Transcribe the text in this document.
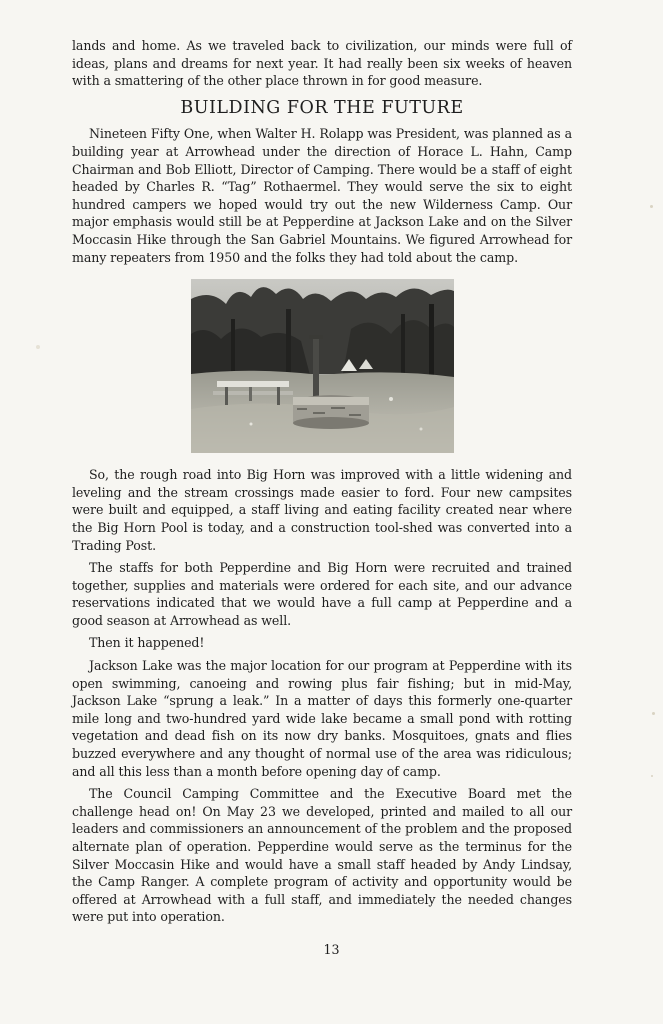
lands and home. As we traveled back to civilization, our minds were full of ideas, plans and dreams for next year. It had really been six weeks of heaven with a smattering of the other place thrown in for good measure.

BUILDING FOR THE FUTURE

Nineteen Fifty One, when Walter H. Rolapp was President, was planned as a building year at Arrowhead under the direction of Horace L. Hahn, Camp Chairman and Bob Elliott, Director of Camping. There would be a staff of eight headed by Charles R. “Tag” Rothaermel. They would serve the six to eight hundred campers we hoped would try out the new Wilderness Camp. Our major emphasis would still be at Pepperdine at Jackson Lake and on the Silver Moccasin Hike through the San Gabriel Mountains. We figured Arrowhead for many repeaters from 1950 and the folks they had told about the camp.

So, the rough road into Big Horn was improved with a little widening and leveling and the stream crossings made easier to ford. Four new campsites were built and equipped, a staff living and eating facility created near where the Big Horn Pool is today, and a construction tool-shed was converted into a Trading Post.

The staffs for both Pepperdine and Big Horn were recruited and trained together, supplies and materials were ordered for each site, and our advance reservations indicated that we would have a full camp at Pepperdine and a good season at Arrowhead as well.

Then it happened!

Jackson Lake was the major location for our program at Pepperdine with its open swimming, canoeing and rowing plus fair fishing; but in mid-May, Jackson Lake “sprung a leak.” In a matter of days this formerly one-quarter mile long and two-hundred yard wide lake became a small pond with rotting vegetation and dead fish on its now dry banks. Mosquitoes, gnats and flies buzzed everywhere and any thought of normal use of the area was ridiculous; and all this less than a month before opening day of camp.

The Council Camping Committee and the Executive Board met the challenge head on! On May 23 we developed, printed and mailed to all our leaders and commissioners an announcement of the problem and the proposed alternate plan of operation. Pepperdine would serve as the terminus for the Silver Moccasin Hike and would have a small staff headed by Andy Lindsay, the Camp Ranger. A complete program of activity and opportunity would be offered at Arrowhead with a full staff, and immediately the needed changes were put into operation.

13
